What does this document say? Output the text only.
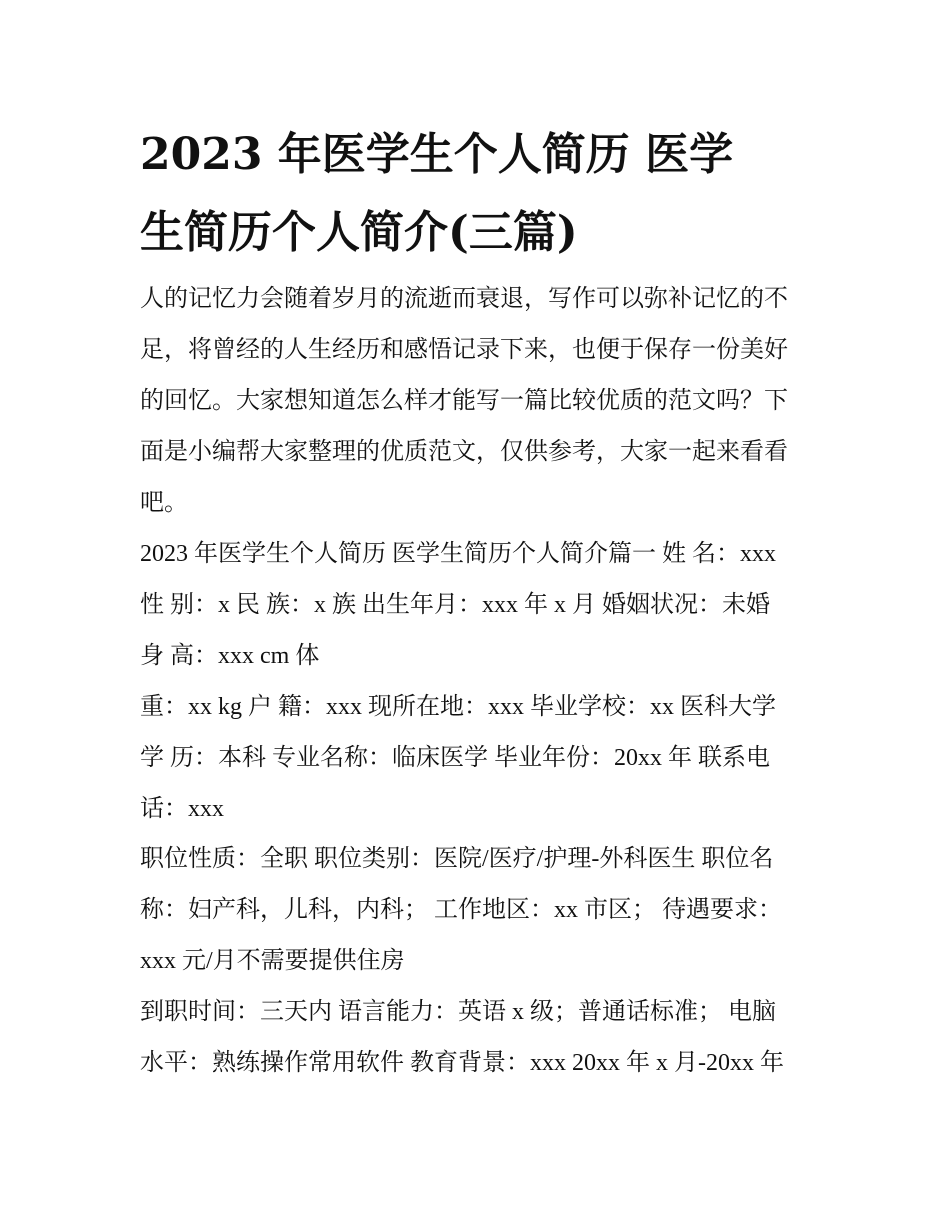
2023 年医学生个人简历 医学
生简历个人简介(三篇)
人的记忆力会随着岁月的流逝而衰退，写作可以弥补记忆的不
足，将曾经的人生经历和感悟记录下来，也便于保存一份美好
的回忆。大家想知道怎么样才能写一篇比较优质的范文吗？下
面是小编帮大家整理的优质范文，仅供参考，大家一起来看看
吧。
2023 年医学生个人简历 医学生简历个人简介篇一 姓 名：xxx
性 别：x 民 族：x 族 出生年月：xxx 年 x 月 婚姻状况：未婚
身 高：xxx cm 体
重：xx kg 户 籍：xxx 现所在地：xxx 毕业学校：xx 医科大学
学 历：本科 专业名称：临床医学 毕业年份：20xx 年 联系电
话：xxx
职位性质：全职 职位类别：医院/医疗/护理-外科医生 职位名
称：妇产科，儿科，内科； 工作地区：xx 市区； 待遇要求：
xxx 元/月不需要提供住房
到职时间：三天内 语言能力：英语 x 级；普通话标准； 电脑
水平：熟练操作常用软件 教育背景：xxx 20xx 年 x 月-20xx 年
